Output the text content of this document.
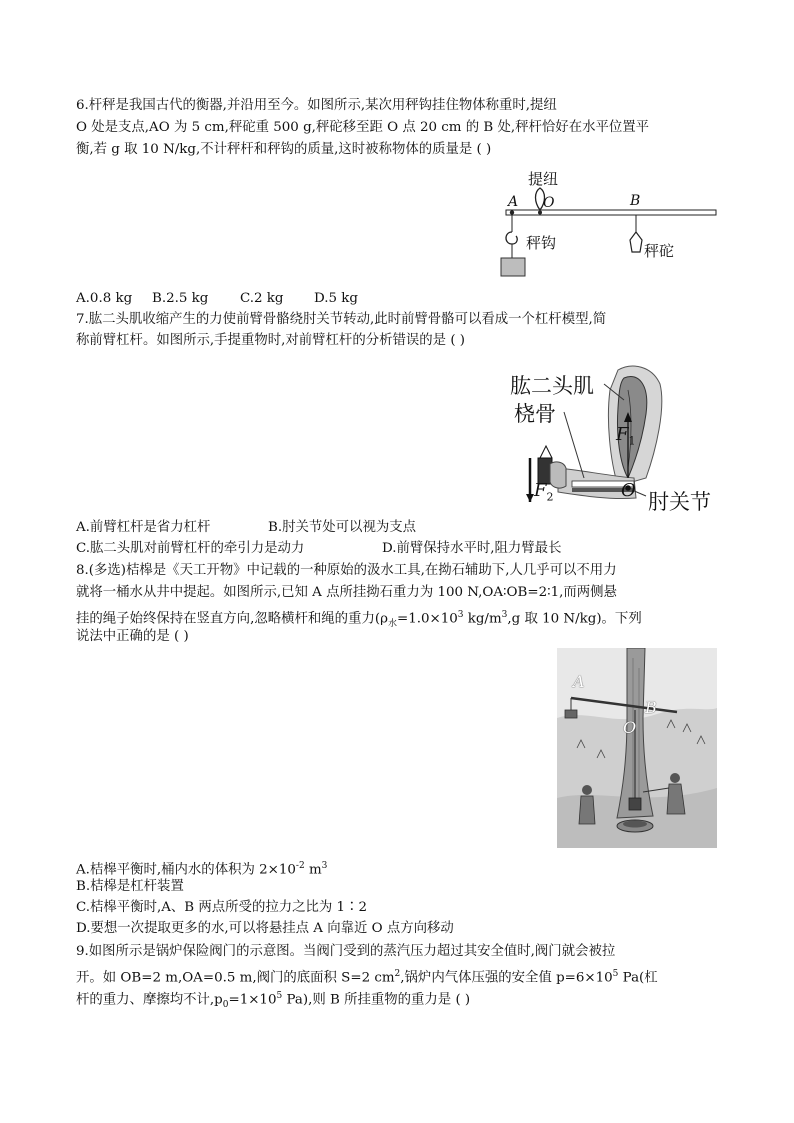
6.杆秤是我国古代的衡器,并沿用至今。如图所示,某次用秤钩挂住物体称重时,提纽
O 处是支点,AO 为 5 cm,秤砣重 500 g,秤砣移至距 O 点 20 cm 的 B 处,秤杆恰好在水平位置平
衡,若 g 取 10 N/kg,不计秤杆和秤钩的质量,这时被称物体的质量是 ( )
提纽
A O	B
秤钩	秤砣
A.0.8 kg B.2.5 kg C.2 kg D.5 kg
7.肱二头肌收缩产生的力使前臂骨骼绕肘关节转动,此时前臂骨骼可以看成一个杠杆模型,简
称前臂杠杆。如图所示,手提重物时,对前臂杠杆的分析错误的是 ( )
肱二头肌
桡骨
$F_1$
$F_2$	O 肘关节
A.前臂杠杆是省力杠杆	B.肘关节处可以视为支点
C.肱二头肌对前臂杠杆的牵引力是动力	D.前臂保持水平时,阻力臂最长
8.(多选)桔槔是《天工开物》中记载的一种原始的汲水工具,在拗石辅助下,人几乎可以不用力
就将一桶水从井中提起。如图所示,已知 A 点所挂拗石重力为 100 N,OA∶OB=2∶1,而两侧悬
挂的绳子始终保持在竖直方向,忽略横杆和绳的重力($\rho_水=1.0\times 10^3$ $kg/m^3,g$ 取 10 N/kg)。下列
说法中正确的是 ( )
A
B
O
A.桔槔平衡时,桶内水的体积为 $2\times 10^{-2}$ $m^3$
B.桔槔是杠杆装置
C.桔槔平衡时,A、B 两点所受的拉力之比为 1∶2
D.要想一次提取更多的水,可以将悬挂点 A 向靠近 O 点方向移动
9.如图所示是锅炉保险阀门的示意图。当阀门受到的蒸汽压力超过其安全值时,阀门就会被拉
开。如 OB=2 m,OA=0.5 m,阀门的底面积 S=2 $cm^2$,锅炉内气体压强的安全值 $p=6\times 10^5$ Pa(杠
杆的重力、摩擦均不计$,p_0=1\times 10^5$ Pa),则 B 所挂重物的重力是 ( )
